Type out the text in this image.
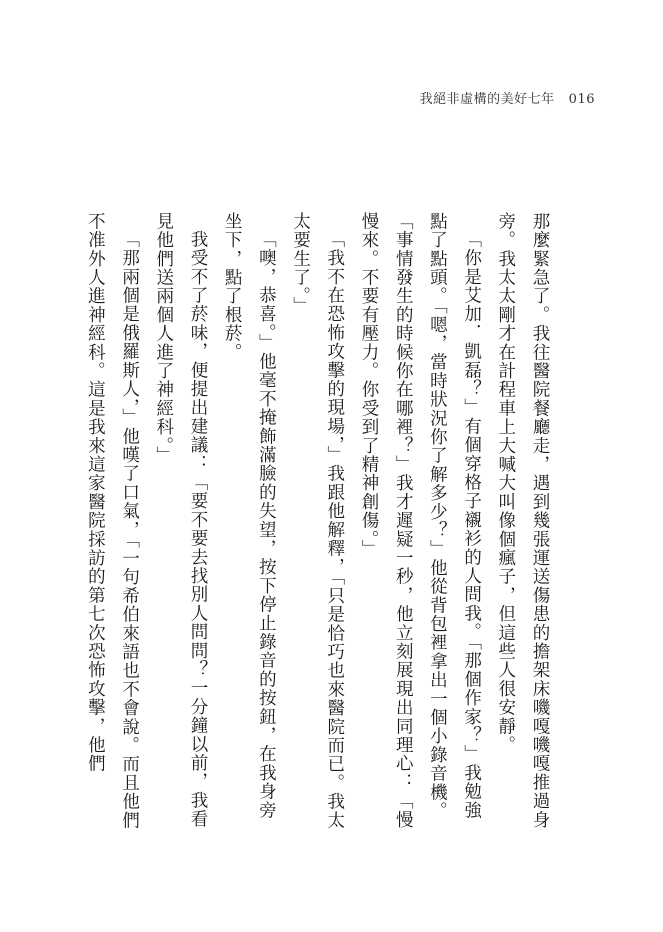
我絕非虛構的美好七年 016

那麼緊急了。我往醫院餐廳走，遇到幾張運送傷患的擔架床嘰嘎嘰嘎推過身旁。我太太剛才在計程車上大喊大叫像個瘋子，但這些人很安靜。

「你是艾加．凱磊？」有個穿格子襯衫的人問我。「那個作家？」我勉強點了點頭。「嗯，當時狀況你了解多少？」他從背包裡拿出一個小錄音機。「事情發生的時候你在哪裡？」我才遲疑一秒，他立刻展現出同理心：「慢慢來。不要有壓力。你受到了精神創傷。」

「我不在恐怖攻擊的現場，」我跟他解釋，「只是恰巧也來醫院而已。我太太要生了。」

「噢，恭喜。」他毫不掩飾滿臉的失望，按下停止錄音的按鈕，在我身旁坐下，點了根菸。

我受不了菸味，便提出建議：「要不要去找別人問問？一分鐘以前，我看見他們送兩個人進了神經科。」

「那兩個是俄羅斯人，」他嘆了口氣，「一句希伯來語也不會說。而且他們不准外人進神經科。這是我來這家醫院採訪的第七次恐怖攻擊，他們
